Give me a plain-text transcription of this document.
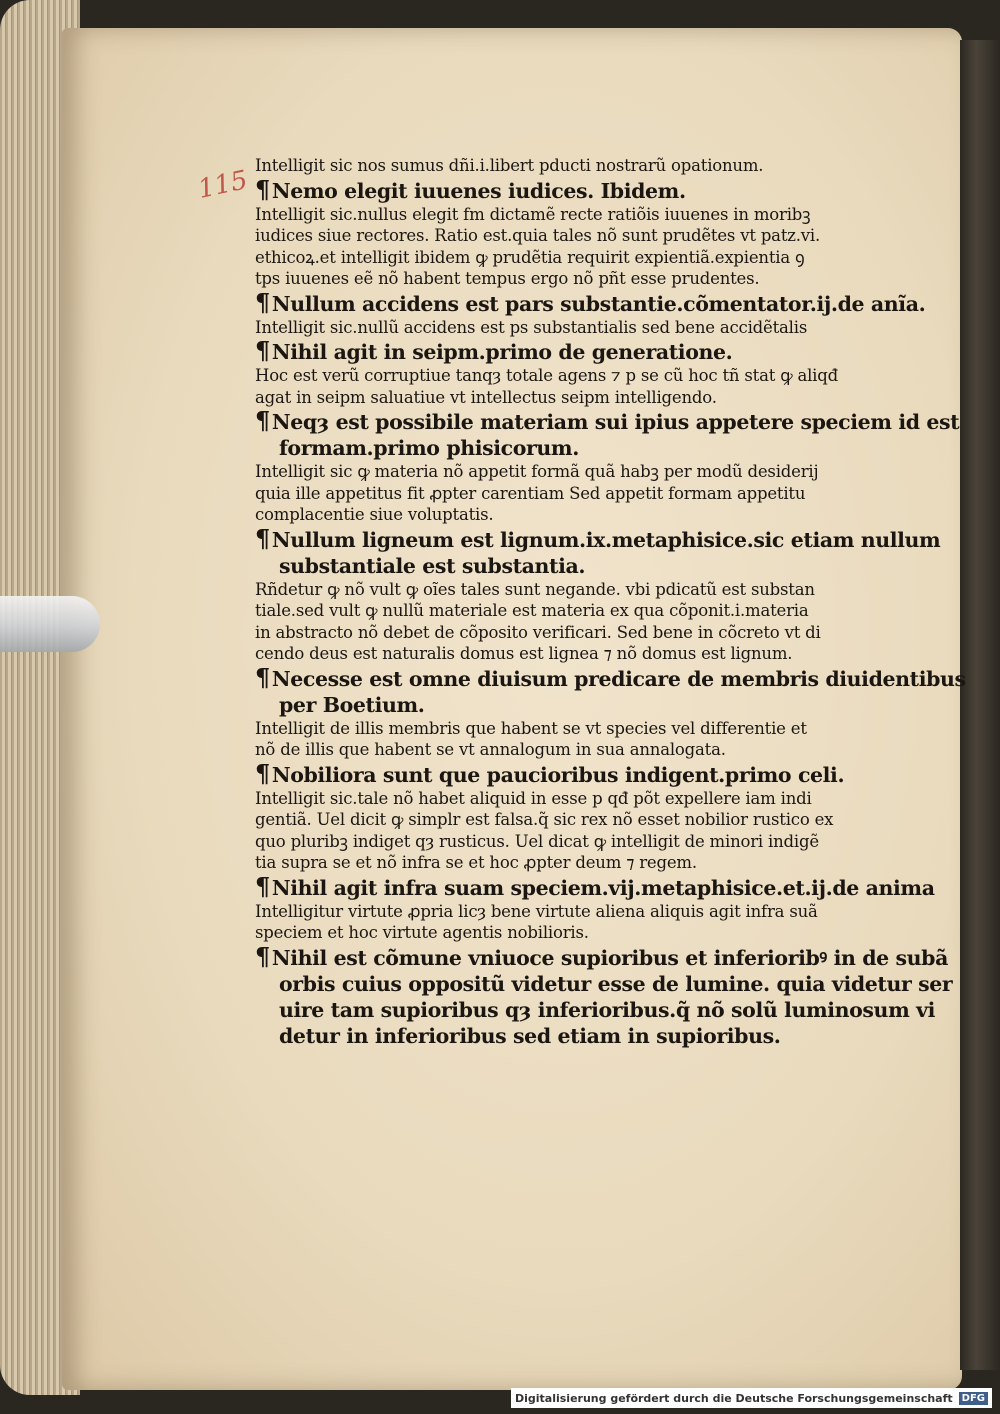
115 Intelligit sic nos sumus dñi.i.libert pducti nostrarũ opationum.
¶Nemo elegit iuuenes iudices. Ibidem.
Intelligit sic.nullus elegit fm dictamẽ recte ratiõis iuuenes in moribꝫ
iudices siue rectores. Ratio est.quia tales nõ sunt prudẽtes vt patz.vi.
ethicoꝝ.et intelligit ibidem ꝙ prudẽtia requirit expientiã.expientia ꝯ
tps iuuenes eẽ nõ habent tempus ergo nõ pñt esse prudentes.
¶Nullum accidens est pars substantie.cõmentator.ij.de anĩa.
Intelligit sic.nullũ accidens est ps substantialis sed bene accidẽtalis
¶Nihil agit in seipm.primo de generatione.
Hoc est verũ corruptiue tanqȝ totale agens ⁊ p se cũ hoc tñ stat ꝙ aliqđ
agat in seipm saluatiue vt intellectus seipm intelligendo.
¶Neqȝ est possibile materiam sui ipius appetere speciem id est
formam.primo phisicorum.
Intelligit sic ꝙ materia nõ appetit formã quã habꝫ per modũ desiderij
quia ille appetitus fit ꝓpter carentiam Sed appetit formam appetitu
complacentie siue voluptatis.
¶Nullum ligneum est lignum.ix.metaphisice.sic etiam nullum
substantiale est substantia.
Rñdetur ꝙ nõ vult ꝙ oĩes tales sunt negande. vbi pdicatũ est substan
tiale.sed vult ꝙ nullũ materiale est materia ex qua cõponit.i.materia
in abstracto nõ debet de cõposito verificari. Sed bene in cõcreto vt di
cendo deus est naturalis domus est lignea ⁊ nõ domus est lignum.
¶Necesse est omne diuisum predicare de membris diuidentibus
per Boetium.
Intelligit de illis membris que habent se vt species vel differentie et
nõ de illis que habent se vt annalogum in sua annalogata.
¶Nobiliora sunt que paucioribus indigent.primo celi.
Intelligit sic.tale nõ habet aliquid in esse p qđ põt expellere iam indi
gentiã. Uel dicit ꝙ simplr est falsa.q̃ sic rex nõ esset nobilior rustico ex
quo pluribꝫ indiget qȝ rusticus. Uel dicat ꝙ intelligit de minori indigẽ
tia supra se et nõ infra se et hoc ꝓpter deum ⁊ regem.
¶Nihil agit infra suam speciem.vij.metaphisice.et.ij.de anima
Intelligitur virtute ꝓpria licȝ bene virtute aliena aliquis agit infra suã
speciem et hoc virtute agentis nobilioris.
¶Nihil est cõmune vniuoce supioribus et inferioribꝰ in de subã
orbis cuius oppositũ videtur esse de lumine. quia videtur ser
uire tam supioribus qȝ inferioribus.q̃ nõ solũ luminosum vi
detur in inferioribus sed etiam in supioribus.
Digitalisierung gefördert durch die Deutsche Forschungsgemeinschaft DFG
